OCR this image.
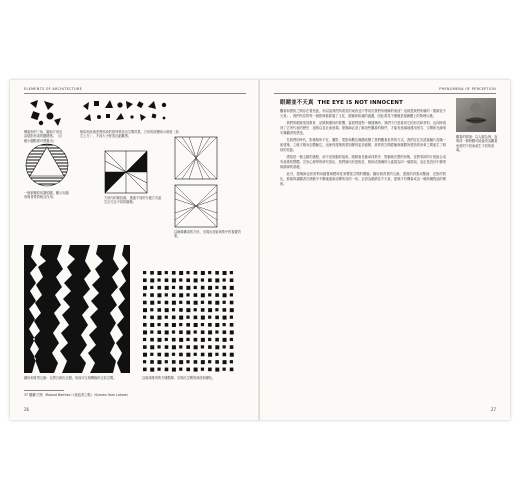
ELEMENTS OF ARCHITECTURE
螺旋形的三角、圓和方形及由陰影形成的體積感。（反應小圓點即可感覺出）
相似形狀與差異形狀的排列營造出空間效果，方向的改變暗示深度（如右上方），不同大小營造出距離感。
一個被條紋切割的圓，顯示出圖形與背景的相互作用。	方形內的條紋線，透過不同的分割方式產生出完全不同的圖像。
以線條構成的方形，呈現出放射與集中的視覺效果。
圖形和背景互換：以黑白兩色交錯，形成可互相轉換的正負空間。	以規律排列的方塊點陣，呈現出空間的深度與變化。
37 羅蘭·巴特（Roland Barthes）·《流浪者之歌》（Scenes from Lahore）
26
PHENOMENA OF PERCEPTION
眼睛並不天真 THE EYE IS NOT INNOCENT

觀看和感知之間存在著差距，何以說我們所看見的東西並不等同於我們所理解的東西？這就是我們所稱的「眼睛並不天真」。我們所見的每一個影像都經過了文化、經驗和知識的過濾，因此看見不僅僅是視網膜上的物理反應。

我們的眼睛受到教育、記憶與期待的影響。當我們面對一棟建築時，我們不只是看到它的形式和材料，也同時看到了它所代表的歷史、風格以及社會意義。建築師必須了解這些觀看的條件，才能有意識地運用形式、空間和光線來引導觀者的感受。

在我們的時代，影像無所不在，攝影、電影與數位媒體改變了我們觀看世界的方式。我們往往先透過圖片認識一座建築，之後才親身去體驗它。這使得建築的感知變得更加複雜，真實的空間經驗與媒體所塑造的形象之間產生了微妙的差距。

感知是一個主動的過程，而不是被動的接收。眼睛會自動尋找秩序、對稱與完整的形態，並將零碎的片段組合成有意義的整體。完形心理學的研究指出，我們傾向於把相近、相似或連續的元素視為同一個群組，這正是設計中節奏與韻律的基礎。

此外，建築師也常常利用錯覺與曖昧性來豐富空間的體驗。圖形與背景的互換、透視的誇張或壓縮、光影的對比，都能夠讓觀者在移動中不斷地重新詮釋所見的一切。正因為眼睛並不天真，建築才有機會成為一種持續對話的藝術。

觀看的情境：以人臉為例，說明同一個物體可能會因為觀看角度的不同而產生不同的意義。
27
